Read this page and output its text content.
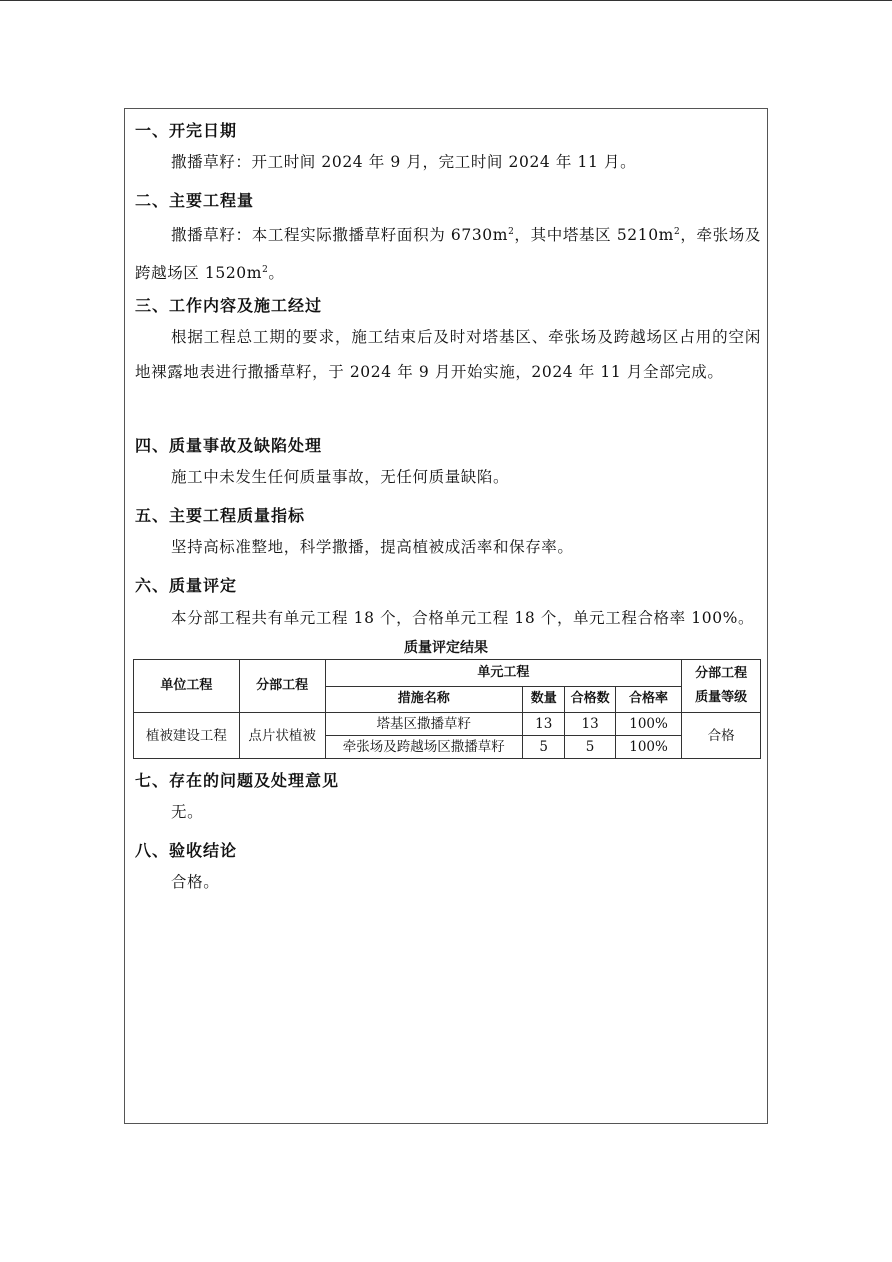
一、开完日期
撒播草籽：开工时间 2024 年 9 月，完工时间 2024 年 11 月。
二、主要工程量
撒播草籽：本工程实际撒播草籽面积为 $6730m^2$，其中塔基区 $5210m^2$，牵张场及跨越场区 $1520m^2$。
三、工作内容及施工经过
根据工程总工期的要求，施工结束后及时对塔基区、牵张场及跨越场区占用的空闲地裸露地表进行撒播草籽，于 2024 年 9 月开始实施，2024 年 11 月全部完成。
四、质量事故及缺陷处理
施工中未发生任何质量事故，无任何质量缺陷。
五、主要工程质量指标
坚持高标准整地，科学撒播，提高植被成活率和保存率。
六、质量评定
本分部工程共有单元工程 18 个，合格单元工程 18 个，单元工程合格率 100%。
质量评定结果
单位工程	分部工程	单元工程				分部工程
质量等级
		措施名称	数量	合格数	合格率	
植被建设工程	点片状植被	塔基区撒播草籽	13	13	100%	合格
		牵张场及跨越场区撒播草籽	5	5	100%	
七、存在的问题及处理意见
无。
八、验收结论
合格。
